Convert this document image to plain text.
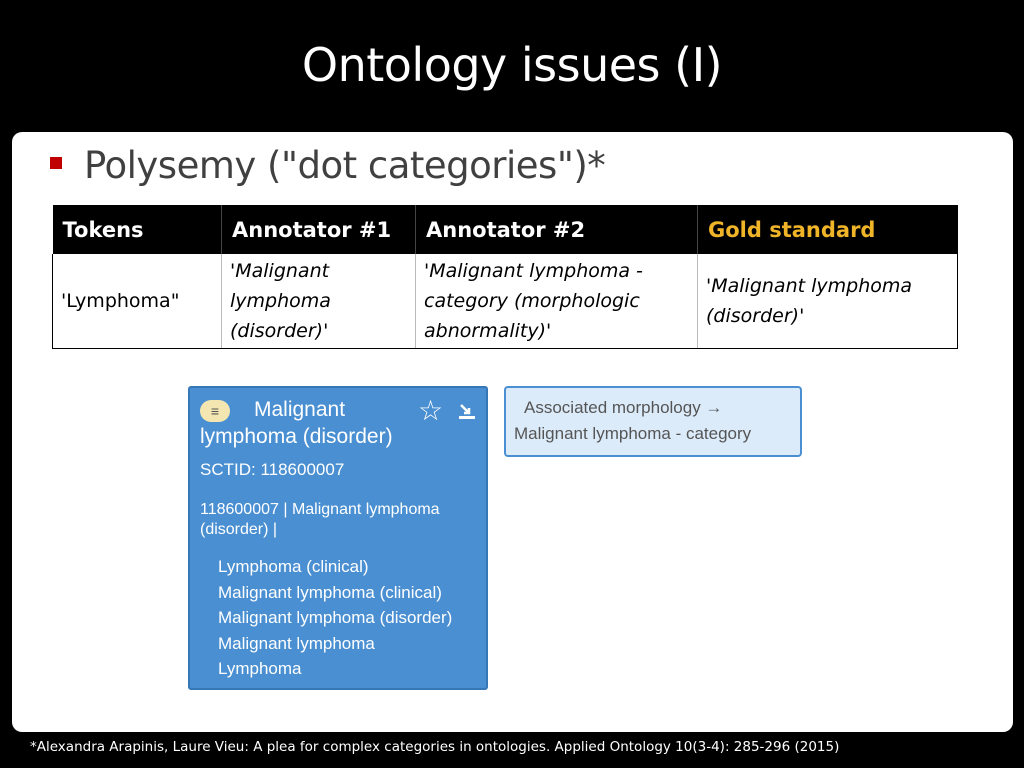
Ontology issues (I)
Polysemy ("dot categories")*
Tokens	Annotator #1	Annotator #2	Gold standard
'Lymphoma"	'Malignant lymphoma (disorder)'	'Malignant lymphoma - category (morphologic abnormality)'	'Malignant lymphoma (disorder)'
≡	Malignant lymphoma (disorder)
☆
SCTID: 118600007
118600007 | Malignant lymphoma (disorder) |
Lymphoma (clinical)
Malignant lymphoma (clinical)
Malignant lymphoma (disorder)
Malignant lymphoma
Lymphoma
Associated morphology →
Malignant lymphoma - category
*Alexandra Arapinis, Laure Vieu: A plea for complex categories in ontologies. Applied Ontology 10(3-4): 285-296 (2015)
